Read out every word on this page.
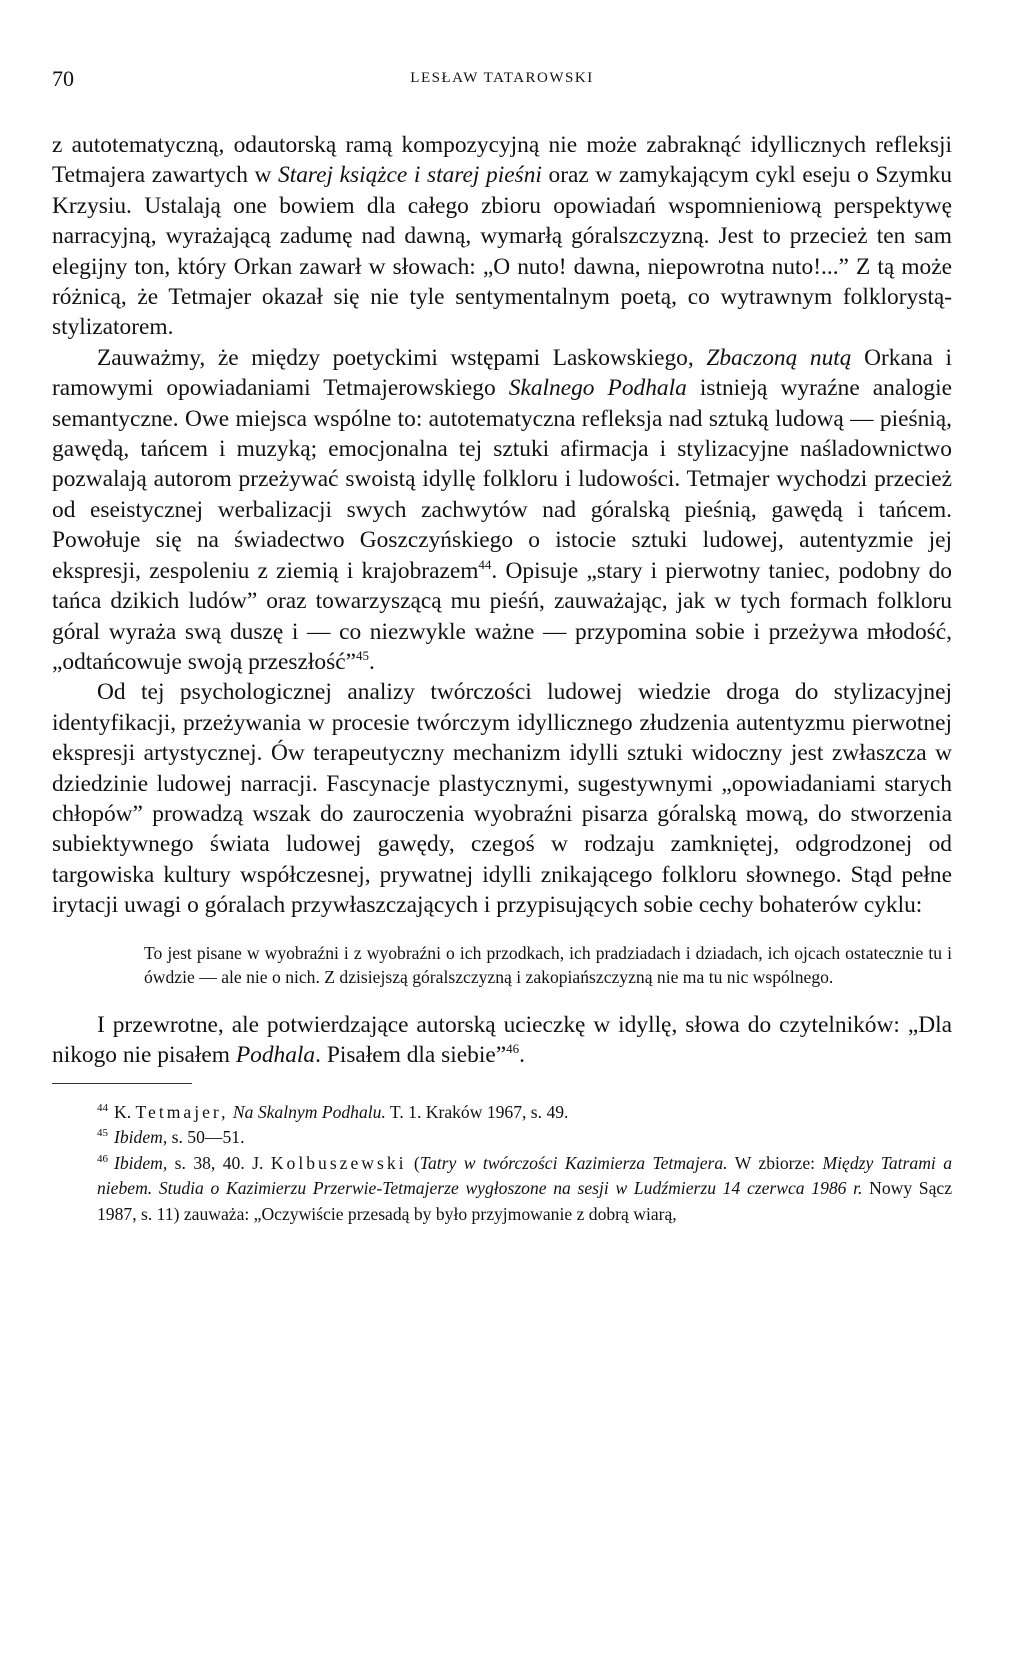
70	LESŁAW TATAROWSKI

z autotematyczną, odautorską ramą kompozycyjną nie może zabraknąć idyllicznych refleksji Tetmajera zawartych w Starej książce i starej pieśni oraz w zamykającym cykl eseju o Szymku Krzysiu. Ustalają one bowiem dla całego zbioru opowiadań wspomnieniową perspektywę narracyjną, wyrażającą zadumę nad dawną, wymarłą góralszczyzną. Jest to przecież ten sam elegijny ton, który Orkan zawarł w słowach: „O nuto! dawna, niepowrotna nuto!...” Z tą może różnicą, że Tetmajer okazał się nie tyle sentymentalnym poetą, co wytrawnym folklorystą-stylizatorem.

Zauważmy, że między poetyckimi wstępami Laskowskiego, Zbaczoną nutą Orkana i ramowymi opowiadaniami Tetmajerowskiego Skalnego Podhala istnieją wyraźne analogie semantyczne. Owe miejsca wspólne to: autotematyczna refleksja nad sztuką ludową — pieśnią, gawędą, tańcem i muzyką; emocjonalna tej sztuki afirmacja i stylizacyjne naśladownictwo pozwalają autorom przeżywać swoistą idyllę folkloru i ludowości. Tetmajer wychodzi przecież od eseistycznej werbalizacji swych zachwytów nad góralską pieśnią, gawędą i tańcem. Powołuje się na świadectwo Goszczyńskiego o istocie sztuki ludowej, autentyzmie jej ekspresji, zespoleniu z ziemią i krajobrazem$^{44}$. Opisuje „stary i pierwotny taniec, podobny do tańca dzikich ludów” oraz towarzyszącą mu pieśń, zauważając, jak w tych formach folkloru góral wyraża swą duszę i — co niezwykle ważne — przypomina sobie i przeżywa młodość, „odtańcowuje swoją przeszłość”$^{45}$.

Od tej psychologicznej analizy twórczości ludowej wiedzie droga do stylizacyjnej identyfikacji, przeżywania w procesie twórczym idyllicznego złudzenia autentyzmu pierwotnej ekspresji artystycznej. Ów terapeutyczny mechanizm idylli sztuki widoczny jest zwłaszcza w dziedzinie ludowej narracji. Fascynacje plastycznymi, sugestywnymi „opowiadaniami starych chłopów” prowadzą wszak do zauroczenia wyobraźni pisarza góralską mową, do stworzenia subiektywnego świata ludowej gawędy, czegoś w rodzaju zamkniętej, odgrodzonej od targowiska kultury współczesnej, prywatnej idylli znikającego folkloru słownego. Stąd pełne irytacji uwagi o góralach przywłaszczających i przypisujących sobie cechy bohaterów cyklu:

To jest pisane w wyobraźni i z wyobraźni o ich przodkach, ich pradziadach i dziadach, ich ojcach ostatecznie tu i ówdzie — ale nie o nich. Z dzisiejszą góralszczyzną i zakopiańszczyzną nie ma tu nic wspólnego.

I przewrotne, ale potwierdzające autorską ucieczkę w idyllę, słowa do czytelników: „Dla nikogo nie pisałem Podhala. Pisałem dla siebie”$^{46}$.

$^{44}$ K. Tetmajer, Na Skalnym Podhalu. T. 1. Kraków 1967, s. 49.

$^{45}$ Ibidem, s. 50—51.

$^{46}$ Ibidem, s. 38, 40. J. Kolbuszewski (Tatry w twórczości Kazimierza Tetmajera. W zbiorze: Między Tatrami a niebem. Studia o Kazimierzu Przerwie-Tetmajerze wygłoszone na sesji w Ludźmierzu 14 czerwca 1986 r. Nowy Sącz 1987, s. 11) zauważa: „Oczywiście przesadą by było przyjmowanie z dobrą wiarą,
